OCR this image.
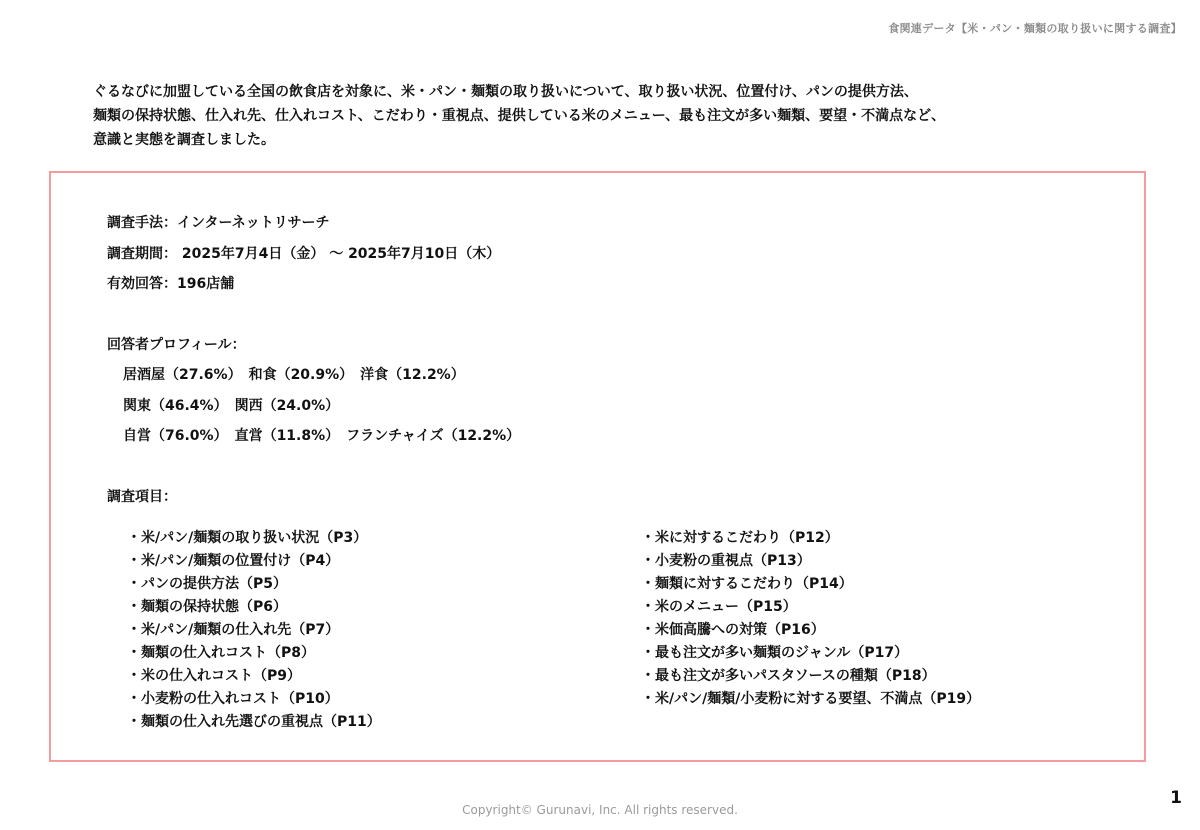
食関連データ【米・パン・麺類の取り扱いに関する調査】

ぐるなびに加盟している全国の飲食店を対象に、米・パン・麺類の取り扱いについて、取り扱い状況、位置付け、パンの提供方法、

麺類の保持状態、仕入れ先、仕入れコスト、こだわり・重視点、提供している米のメニュー、最も注文が多い麺類、要望・不満点など、

意識と実態を調査しました。

調査手法：インターネットリサーチ
調査期間： 2025年7月4日（金） ～ 2025年7月10日（木）
有効回答：196店舗
回答者プロフィール：
居酒屋（27.6%）　和食（20.9%）　洋食（12.2%）
関東（46.4%）　関西（24.0%）
自営（76.0%）　直営（11.8%）　フランチャイズ（12.2%）
調査項目：
・米/パン/麺類の取り扱い状況（P3）
・米/パン/麺類の位置付け（P4）
・パンの提供方法（P5）
・麺類の保持状態（P6）
・米/パン/麺類の仕入れ先（P7）
・麺類の仕入れコスト（P8）
・米の仕入れコスト（P9）
・小麦粉の仕入れコスト（P10）
・麺類の仕入れ先選びの重視点（P11）
・米に対するこだわり（P12）
・小麦粉の重視点（P13）
・麺類に対するこだわり（P14）
・米のメニュー（P15）
・米価高騰への対策（P16）
・最も注文が多い麺類のジャンル（P17）
・最も注文が多いパスタソースの種類（P18）
・米/パン/麺類/小麦粉に対する要望、不満点（P19）
1
Copyright© Gurunavi, Inc. All rights reserved.
